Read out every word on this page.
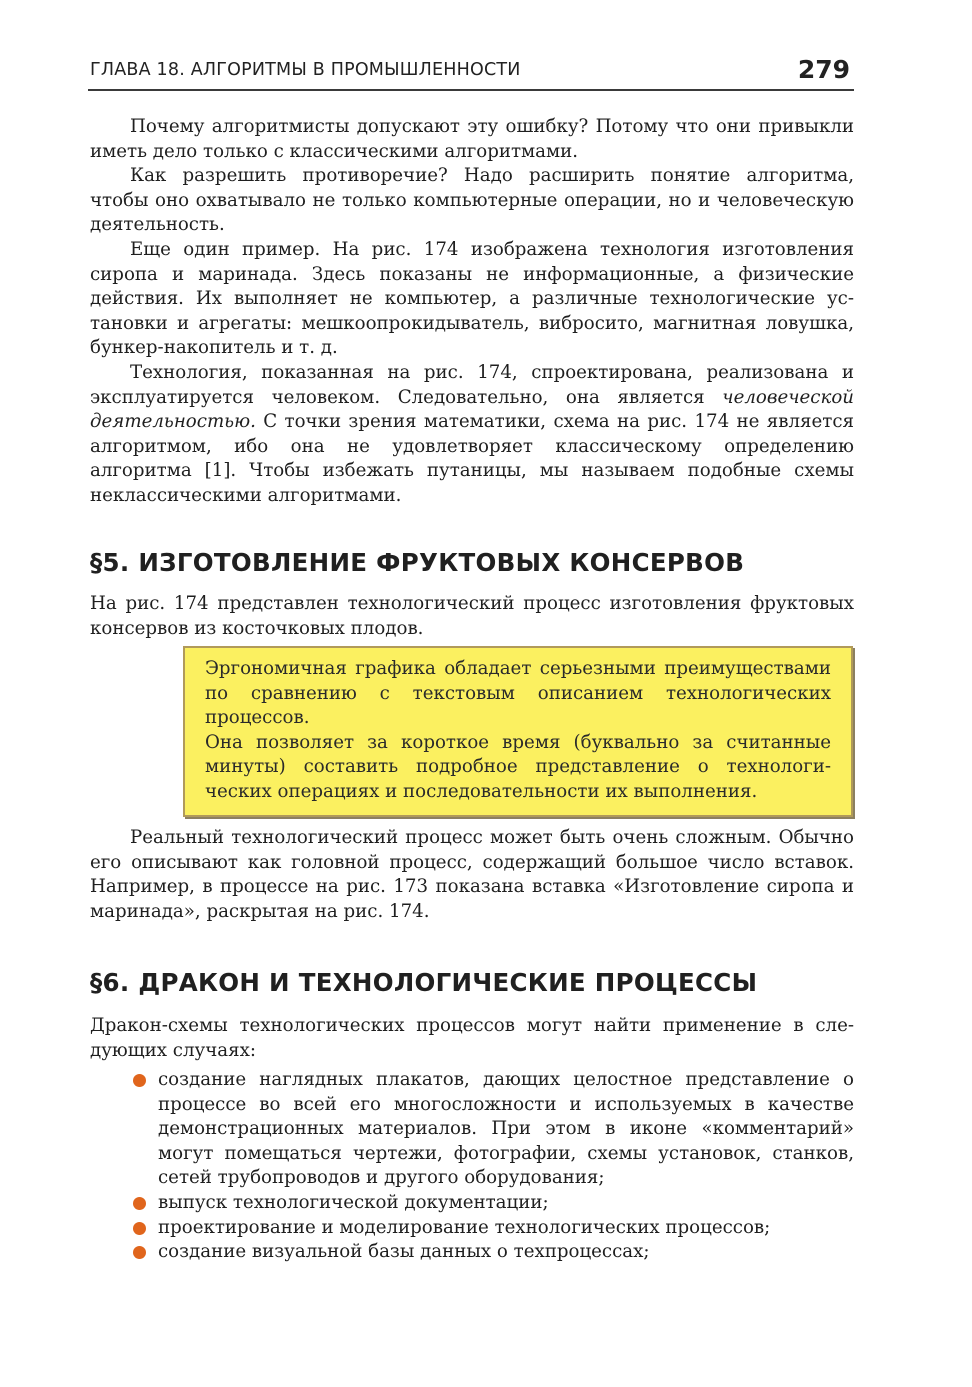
ГЛАВА 18. АЛГОРИТМЫ В ПРОМЫШЛЕННОСТИ	279

Почему алгоритмисты допускают эту ошибку? Потому что они привыкли иметь дело только с классическими алгоритмами.

Как разрешить противоречие? Надо расширить понятие алгоритма, чтобы оно охватывало не только компьютерные операции, но и человеческую деятельность.

Еще один пример. На рис. 174 изображена технология изготовления сиропа и маринада. Здесь показаны не информационные, а физические действия. Их выполняет не компьютер, а различные технологические установки и агрегаты: мешкоопрокидыватель, вибросито, магнитная ловушка, бункер-накопитель и т. д.

Технология, показанная на рис. 174, спроектирована, реализована и эксплуатируется человеком. Следовательно, она является человеческой деятельностью. С точки зрения математики, схема на рис. 174 не является алгоритмом, ибо она не удовлетворяет классическому определению алгоритма [1]. Чтобы избежать путаницы, мы называем подобные схемы неклассическими алгоритмами.

§5. ИЗГОТОВЛЕНИЕ ФРУКТОВЫХ КОНСЕРВОВ

На рис. 174 представлен технологический процесс изготовления фруктовых консервов из косточковых плодов.

Эргономичная графика обладает серьезными преимуществами по сравнению с текстовым описанием технологических процессов.

Она позволяет за короткое время (буквально за считанные минуты) составить подробное представление о технологических операциях и последовательности их выполнения.

Реальный технологический процесс может быть очень сложным. Обычно его описывают как головной процесс, содержащий большое число вставок. Например, в процессе на рис. 173 показана вставка «Изготовление сиропа и маринада», раскрытая на рис. 174.

§6. ДРАКОН И ТЕХНОЛОГИЧЕСКИЕ ПРОЦЕССЫ

Дракон-схемы технологических процессов могут найти применение в следующих случаях:

создание наглядных плакатов, дающих целостное представление о процессе во всей его многосложности и используемых в качестве демонстрационных материалов. При этом в иконе «комментарий» могут помещаться чертежи, фотографии, схемы установок, станков, сетей трубопроводов и другого оборудования;
выпуск технологической документации;
проектирование и моделирование технологических процессов;
создание визуальной базы данных о техпроцессах;
